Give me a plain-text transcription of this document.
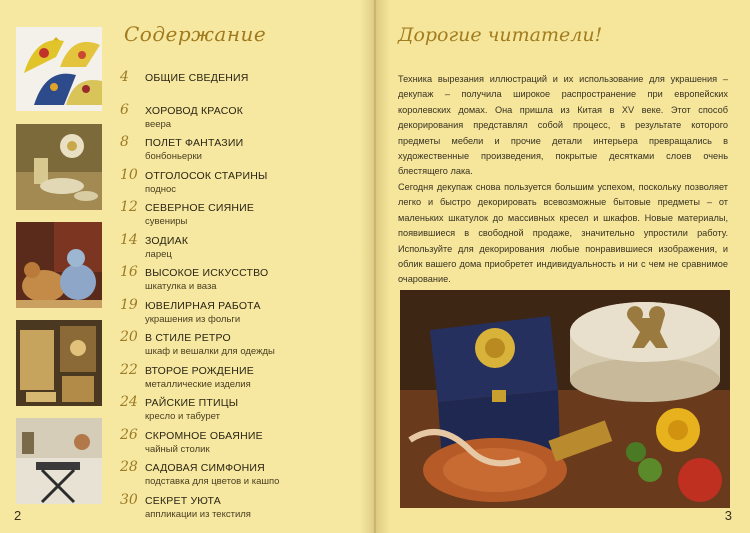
Содержание
4	ОБЩИЕ СВЕДЕНИЯ
6	ХОРОВОД КРАСОК
веера
8	ПОЛЕТ ФАНТАЗИИ
бонбоньерки
10 ОТГОЛОСОК СТАРИНЫ
поднос
12 СЕВЕРНОЕ СИЯНИЕ
сувениры
14 ЗОДИАК
ларец
16 ВЫСОКОЕ ИСКУССТВО
шкатулка и ваза
19 ЮВЕЛИРНАЯ РАБОТА
украшения из фольги
20 В СТИЛЕ РЕТРО
шкаф и вешалки для одежды
22 ВТОРОЕ РОЖДЕНИЕ
металлические изделия
24 РАЙСКИЕ ПТИЦЫ
кресло и табурет
26 СКРОМНОЕ ОБАЯНИЕ
чайный столик
28 САДОВАЯ СИМФОНИЯ
подставка для цветов и кашпо
30 СЕКРЕТ УЮТА
аппликации из текстиля
2
Дорогие читатели!
Техника вырезания иллюстраций и их использование для украшения – декупаж – получила широкое распространение при европейских королевских домах. Она пришла из Китая в XV веке. Этот способ декорирования представлял собой процесс, в результате которого предметы мебели и прочие детали интерьера превращались в художественные произведения, покрытые десятками слоев очень блестящего лака.
Сегодня декупаж снова пользуется большим успехом, поскольку позволяет легко и быстро декорировать всевозможные бытовые предметы – от маленьких шкатулок до массивных кресел и шкафов. Новые материалы, появившиеся в свободной продаже, значительно упростили работу. Используйте для декорирования любые понравившиеся изображения, и облик вашего дома приобретет индивидуальность и ни с чем не сравнимое очарование.
3
